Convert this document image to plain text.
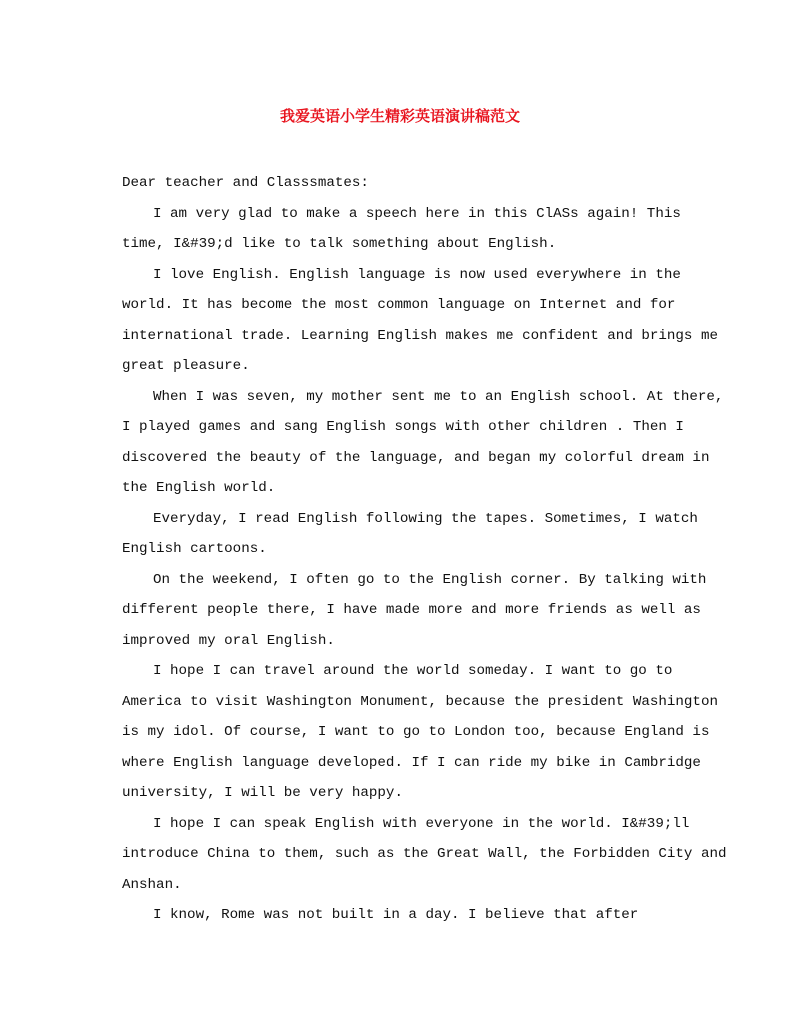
我爱英语小学生精彩英语演讲稿范文

Dear teacher and Classsmates:

I am very glad to make a speech here in this ClASs again! This
time, I&#39;d like to talk something about English.

I love English. English language is now used everywhere in the
world. It has become the most common language on Internet and for
international trade. Learning English makes me confident and brings me
great pleasure.

When I was seven, my mother sent me to an English school. At there,
I played games and sang English songs with other children . Then I
discovered the beauty of the language, and began my colorful dream in
the English world.

Everyday, I read English following the tapes. Sometimes, I watch
English cartoons.

On the weekend, I often go to the English corner. By talking with
different people there, I have made more and more friends as well as
improved my oral English.

I hope I can travel around the world someday. I want to go to
America to visit Washington Monument, because the president Washington
is my idol. Of course, I want to go to London too, because England is
where English language developed. If I can ride my bike in Cambridge
university, I will be very happy.

I hope I can speak English with everyone in the world. I&#39;ll
introduce China to them, such as the Great Wall, the Forbidden City and
Anshan.

I know, Rome was not built in a day. I believe that after
